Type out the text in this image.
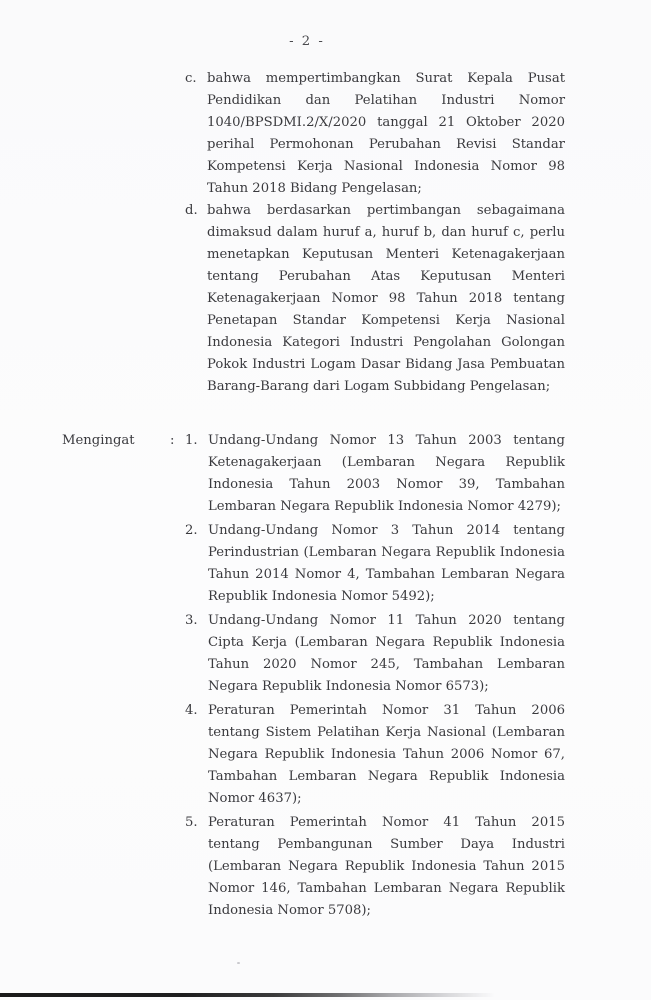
- 2 -
c. bahwa mempertimbangkan Surat Kepala Pusat Pendidikan dan Pelatihan Industri Nomor 1040/BPSDMI.2/X/2020 tanggal 21 Oktober 2020 perihal Permohonan Perubahan Revisi Standar Kompetensi Kerja Nasional Indonesia Nomor 98 Tahun 2018 Bidang Pengelasan;
d. bahwa berdasarkan pertimbangan sebagaimana dimaksud dalam huruf a, huruf b, dan huruf c, perlu menetapkan Keputusan Menteri Ketenagakerjaan tentang Perubahan Atas Keputusan Menteri Ketenagakerjaan Nomor 98 Tahun 2018 tentang Penetapan Standar Kompetensi Kerja Nasional Indonesia Kategori Industri Pengolahan Golongan Pokok Industri Logam Dasar Bidang Jasa Pembuatan Barang-Barang dari Logam Subbidang Pengelasan;
Mengingat	: 1. Undang-Undang Nomor 13 Tahun 2003 tentang Ketenagakerjaan (Lembaran Negara Republik Indonesia Tahun 2003 Nomor 39, Tambahan Lembaran Negara Republik Indonesia Nomor 4279);
2. Undang-Undang Nomor 3 Tahun 2014 tentang Perindustrian (Lembaran Negara Republik Indonesia Tahun 2014 Nomor 4, Tambahan Lembaran Negara Republik Indonesia Nomor 5492);
3. Undang-Undang Nomor 11 Tahun 2020 tentang Cipta Kerja (Lembaran Negara Republik Indonesia Tahun 2020 Nomor 245, Tambahan Lembaran Negara Republik Indonesia Nomor 6573);
4. Peraturan Pemerintah Nomor 31 Tahun 2006 tentang Sistem Pelatihan Kerja Nasional (Lembaran Negara Republik Indonesia Tahun 2006 Nomor 67, Tambahan Lembaran Negara Republik Indonesia Nomor 4637);
5. Peraturan Pemerintah Nomor 41 Tahun 2015 tentang Pembangunan Sumber Daya Industri (Lembaran Negara Republik Indonesia Tahun 2015 Nomor 146, Tambahan Lembaran Negara Republik Indonesia Nomor 5708);
